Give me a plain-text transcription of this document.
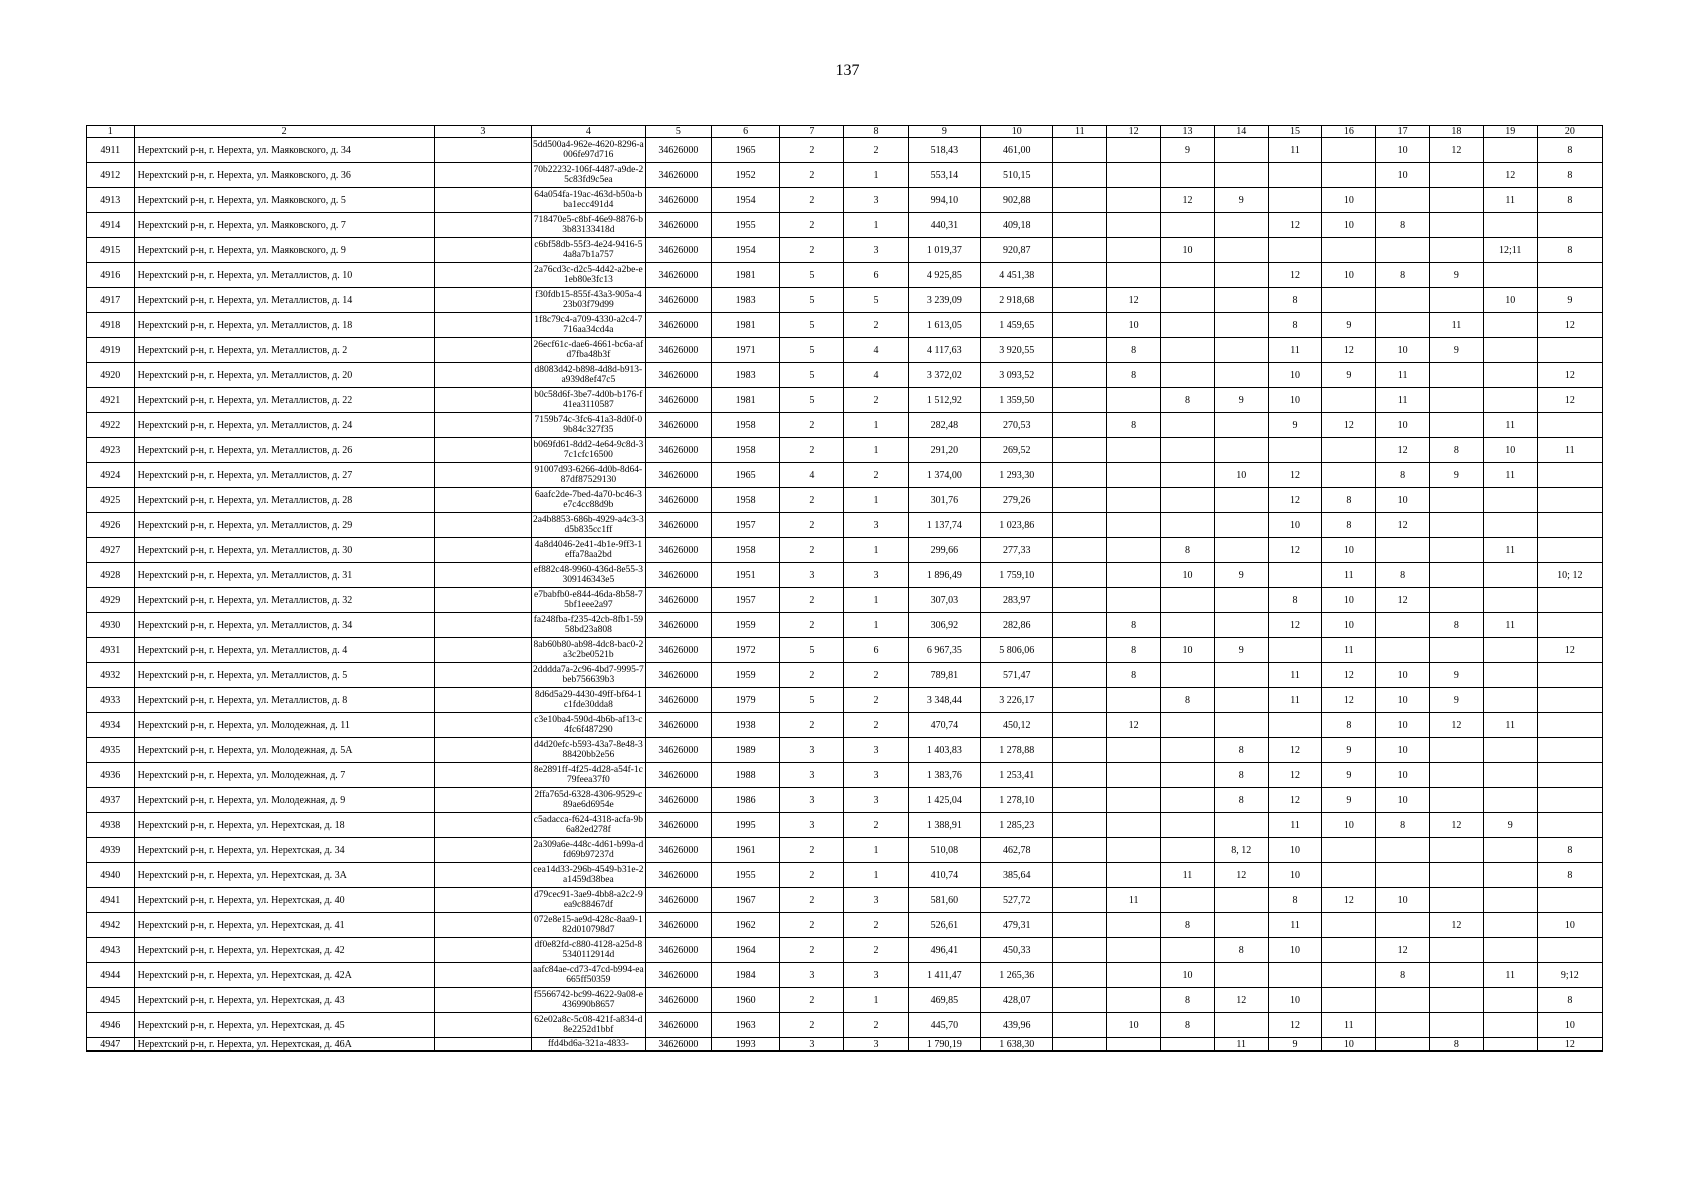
137
1	2	3	4	5	6	7	8	9	10	11	12	13	14	15	16	17	18	19	20
4911	Нерехтский р-н, г. Нерехта, ул. Маяковского, д. 34		5dd500a4-962e-4620-8296-a006fe97d716	34626000	1965	2	2	518,43	461,00			9		11		10	12		8
4912	Нерехтский р-н, г. Нерехта, ул. Маяковского, д. 36		70b22232-106f-4487-a9de-25c83fd9c5ea	34626000	1952	2	1	553,14	510,15							10		12	8
4913	Нерехтский р-н, г. Нерехта, ул. Маяковского, д. 5		64a054fa-19ac-463d-b50a-bba1ecc491d4	34626000	1954	2	3	994,10	902,88			12	9		10			11	8
4914	Нерехтский р-н, г. Нерехта, ул. Маяковского, д. 7		718470e5-c8bf-46e9-8876-b3b83133418d	34626000	1955	2	1	440,31	409,18					12	10	8			
4915	Нерехтский р-н, г. Нерехта, ул. Маяковского, д. 9		c6bf58db-55f3-4e24-9416-54a8a7b1a757	34626000	1954	2	3	1 019,37	920,87			10						12;11	8
4916	Нерехтский р-н, г. Нерехта, ул. Металлистов, д. 10		2a76cd3c-d2c5-4d42-a2be-e1eb80e3fc13	34626000	1981	5	6	4 925,85	4 451,38					12	10	8	9		
4917	Нерехтский р-н, г. Нерехта, ул. Металлистов, д. 14		f30fdb15-855f-43a3-905a-423b03f79d99	34626000	1983	5	5	3 239,09	2 918,68		12			8				10	9
4918	Нерехтский р-н, г. Нерехта, ул. Металлистов, д. 18		1f8c79c4-a709-4330-a2c4-7716aa34cd4a	34626000	1981	5	2	1 613,05	1 459,65		10			8	9		11		12
4919	Нерехтский р-н, г. Нерехта, ул. Металлистов, д. 2		26ecf61c-dae6-4661-bc6a-afd7fba48b3f	34626000	1971	5	4	4 117,63	3 920,55		8			11	12	10	9		
4920	Нерехтский р-н, г. Нерехта, ул. Металлистов, д. 20		d8083d42-b898-4d8d-b913-a939d8ef47c5	34626000	1983	5	4	3 372,02	3 093,52		8			10	9	11			12
4921	Нерехтский р-н, г. Нерехта, ул. Металлистов, д. 22		b0c58d6f-3be7-4d0b-b176-f41ea3110587	34626000	1981	5	2	1 512,92	1 359,50			8	9	10		11			12
4922	Нерехтский р-н, г. Нерехта, ул. Металлистов, д. 24		7159b74c-3fc6-41a3-8d0f-09b84c327f35	34626000	1958	2	1	282,48	270,53		8			9	12	10		11	
4923	Нерехтский р-н, г. Нерехта, ул. Металлистов, д. 26		b069fd61-8dd2-4e64-9c8d-37c1cfc16500	34626000	1958	2	1	291,20	269,52							12	8	10	11
4924	Нерехтский р-н, г. Нерехта, ул. Металлистов, д. 27		91007d93-6266-4d0b-8d64-87df87529130	34626000	1965	4	2	1 374,00	1 293,30				10	12		8	9	11	
4925	Нерехтский р-н, г. Нерехта, ул. Металлистов, д. 28		6aafc2de-7bed-4a70-bc46-3e7c4cc88d9b	34626000	1958	2	1	301,76	279,26					12	8	10			
4926	Нерехтский р-н, г. Нерехта, ул. Металлистов, д. 29		2a4b8853-686b-4929-a4c3-3d5b835cc1ff	34626000	1957	2	3	1 137,74	1 023,86					10	8	12			
4927	Нерехтский р-н, г. Нерехта, ул. Металлистов, д. 30		4a8d4046-2e41-4b1e-9ff3-1effa78aa2bd	34626000	1958	2	1	299,66	277,33			8		12	10			11	
4928	Нерехтский р-н, г. Нерехта, ул. Металлистов, д. 31		ef882c48-9960-436d-8e55-3309146343e5	34626000	1951	3	3	1 896,49	1 759,10			10	9		11	8			10; 12
4929	Нерехтский р-н, г. Нерехта, ул. Металлистов, д. 32		e7babfb0-e844-46da-8b58-75bf1eee2a97	34626000	1957	2	1	307,03	283,97					8	10	12			
4930	Нерехтский р-н, г. Нерехта, ул. Металлистов, д. 34		fa248fba-f235-42cb-8fb1-5958bd23a808	34626000	1959	2	1	306,92	282,86		8			12	10		8	11	
4931	Нерехтский р-н, г. Нерехта, ул. Металлистов, д. 4		8ab60b80-ab98-4dc8-bac0-2a3c2be0521b	34626000	1972	5	6	6 967,35	5 806,06		8	10	9		11				12
4932	Нерехтский р-н, г. Нерехта, ул. Металлистов, д. 5		2dddda7a-2c96-4bd7-9995-7beb756639b3	34626000	1959	2	2	789,81	571,47		8			11	12	10	9		
4933	Нерехтский р-н, г. Нерехта, ул. Металлистов, д. 8		8d6d5a29-4430-49ff-bf64-1c1fde30dda8	34626000	1979	5	2	3 348,44	3 226,17			8		11	12	10	9		
4934	Нерехтский р-н, г. Нерехта, ул. Молодежная, д. 11		c3e10ba4-590d-4b6b-af13-c4fc6f487290	34626000	1938	2	2	470,74	450,12		12				8	10	12	11	
4935	Нерехтский р-н, г. Нерехта, ул. Молодежная, д. 5А		d4d20efc-b593-43a7-8e48-388420bb2e56	34626000	1989	3	3	1 403,83	1 278,88				8	12	9	10			
4936	Нерехтский р-н, г. Нерехта, ул. Молодежная, д. 7		8e2891ff-4f25-4d28-a54f-1c79feea37f0	34626000	1988	3	3	1 383,76	1 253,41				8	12	9	10			
4937	Нерехтский р-н, г. Нерехта, ул. Молодежная, д. 9		2ffa765d-6328-4306-9529-c89ae6d6954e	34626000	1986	3	3	1 425,04	1 278,10				8	12	9	10			
4938	Нерехтский р-н, г. Нерехта, ул. Нерехтская, д. 18		c5adacca-f624-4318-acfa-9b6a82ed278f	34626000	1995	3	2	1 388,91	1 285,23					11	10	8	12	9	
4939	Нерехтский р-н, г. Нерехта, ул. Нерехтская, д. 34		2a309a6e-448c-4d61-b99a-dfd69b97237d	34626000	1961	2	1	510,08	462,78				8, 12	10					8
4940	Нерехтский р-н, г. Нерехта, ул. Нерехтская, д. 3А		cea14d33-296b-4549-b31e-2a1459d38bea	34626000	1955	2	1	410,74	385,64			11	12	10					8
4941	Нерехтский р-н, г. Нерехта, ул. Нерехтская, д. 40		d79cec91-3ae9-4bb8-a2c2-9ea9c88467df	34626000	1967	2	3	581,60	527,72		11			8	12	10			
4942	Нерехтский р-н, г. Нерехта, ул. Нерехтская, д. 41		072e8e15-ae9d-428c-8aa9-182d010798d7	34626000	1962	2	2	526,61	479,31			8		11			12		10
4943	Нерехтский р-н, г. Нерехта, ул. Нерехтская, д. 42		df0e82fd-c880-4128-a25d-85340112914d	34626000	1964	2	2	496,41	450,33				8	10		12			
4944	Нерехтский р-н, г. Нерехта, ул. Нерехтская, д. 42А		aafc84ae-cd73-47cd-b994-ea665ff50359	34626000	1984	3	3	1 411,47	1 265,36			10				8		11	9;12
4945	Нерехтский р-н, г. Нерехта, ул. Нерехтская, д. 43		f5566742-bc99-4622-9a08-e436990b8657	34626000	1960	2	1	469,85	428,07			8	12	10					8
4946	Нерехтский р-н, г. Нерехта, ул. Нерехтская, д. 45		62e02a8c-5c08-421f-a834-d8e2252d1bbf	34626000	1963	2	2	445,70	439,96		10	8		12	11				10
4947	Нерехтский р-н, г. Нерехта, ул. Нерехтская, д. 46А		ffd4bd6a-321a-4833-	34626000	1993	3	3	1 790,19	1 638,30				11	9	10		8		12
